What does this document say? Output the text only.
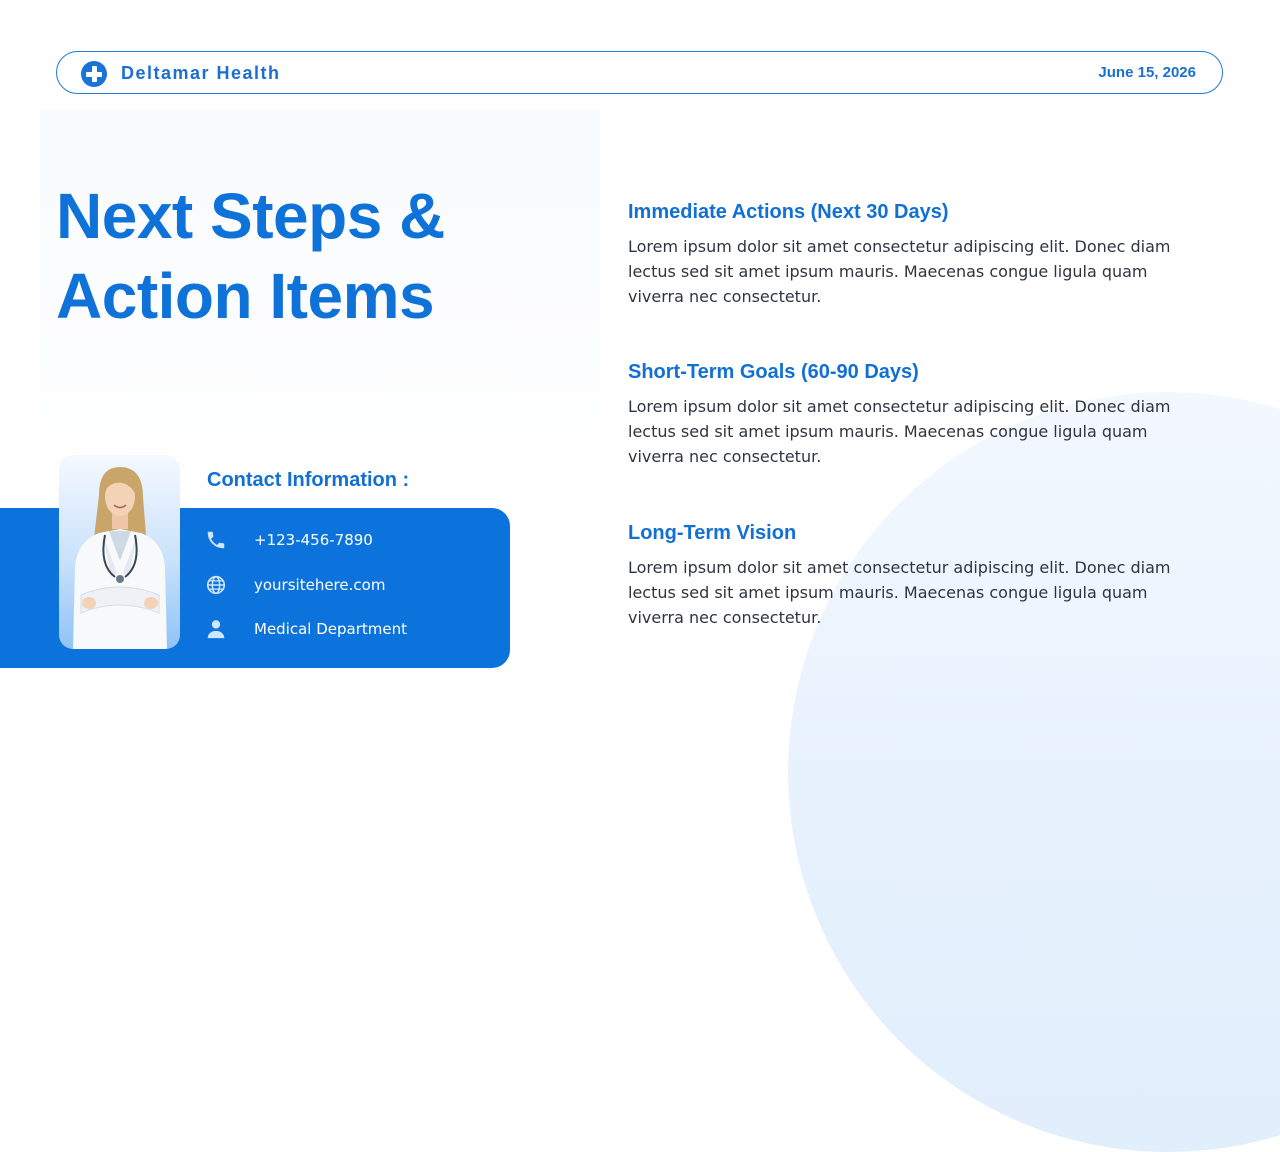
Deltamar Health	June 15, 2026
Next Steps &
Action Items
Immediate Actions (Next 30 Days)

Lorem ipsum dolor sit amet consectetur adipiscing elit. Donec diam lectus sed sit amet ipsum mauris. Maecenas congue ligula quam viverra nec consectetur.

Short-Term Goals (60-90 Days)

Lorem ipsum dolor sit amet consectetur adipiscing elit. Donec diam lectus sed sit amet ipsum mauris. Maecenas congue ligula quam viverra nec consectetur.

Long-Term Vision

Lorem ipsum dolor sit amet consectetur adipiscing elit. Donec diam lectus sed sit amet ipsum mauris. Maecenas congue ligula quam viverra nec consectetur.

Contact Information :
+123-456-7890
yoursitehere.com
Medical Department
